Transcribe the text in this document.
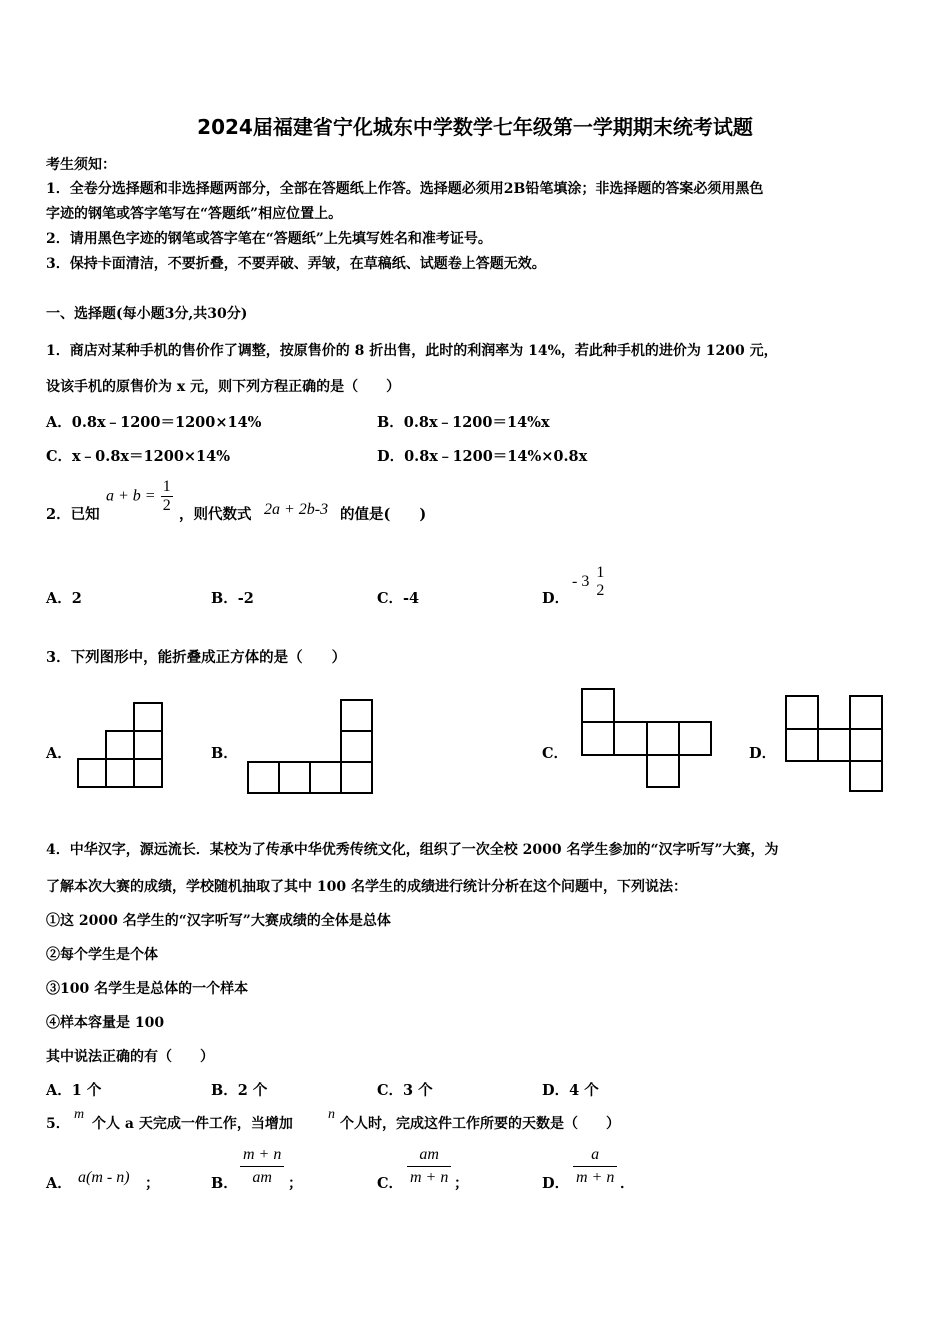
2024届福建省宁化城东中学数学七年级第一学期期末统考试题
考生须知：
1．全卷分选择题和非选择题两部分，全部在答题纸上作答。选择题必须用2B铅笔填涂；非选择题的答案必须用黑色
字迹的钢笔或答字笔写在“答题纸”相应位置上。
2．请用黑色字迹的钢笔或答字笔在“答题纸”上先填写姓名和准考证号。
3．保持卡面清洁，不要折叠，不要弄破、弄皱，在草稿纸、试题卷上答题无效。
一、选择题(每小题3分,共30分)
1．商店对某种手机的售价作了调整，按原售价的 8 折出售，此时的利润率为 14%，若此种手机的进价为 1200 元，
设该手机的原售价为 x 元，则下列方程正确的是（　　）
A．0.8x﹣1200＝1200×14%	B．0.8x﹣1200＝14%x
C．x﹣0.8x＝1200×14%	D．0.8x﹣1200＝14%×0.8x
2．已知
$a + b = \frac{1}{2}$ ，则代数式 2a + 2b-3 的值是(　　)
A．2	B．-2	C．-4	D．
- 3
1
2
3．下列图形中，能折叠成正方体的是（　　）
A．	B．	C．	D．
4．中华汉字，源远流长．某校为了传承中华优秀传统文化，组织了一次全校 2000 名学生参加的“汉字听写”大赛，为
了解本次大赛的成绩，学校随机抽取了其中 100 名学生的成绩进行统计分析在这个问题中，下列说法：
①这 2000 名学生的“汉字听写”大赛成绩的全体是总体
②每个学生是个体
③100 名学生是总体的一个样本
④样本容量是 100
其中说法正确的有（　　）
A．1 个	B．2 个	C．3 个	D．4 个
5．
m
个人 a 天完成一件工作，当增加
n
个人时，完成这件工作所要的天数是（　　）
A． a(m - n) ；	B． $\frac{m + n}{am}$ ；	C． $\frac{am}{m + n}$ ；	D． $\frac{a}{m + n}$ ．
